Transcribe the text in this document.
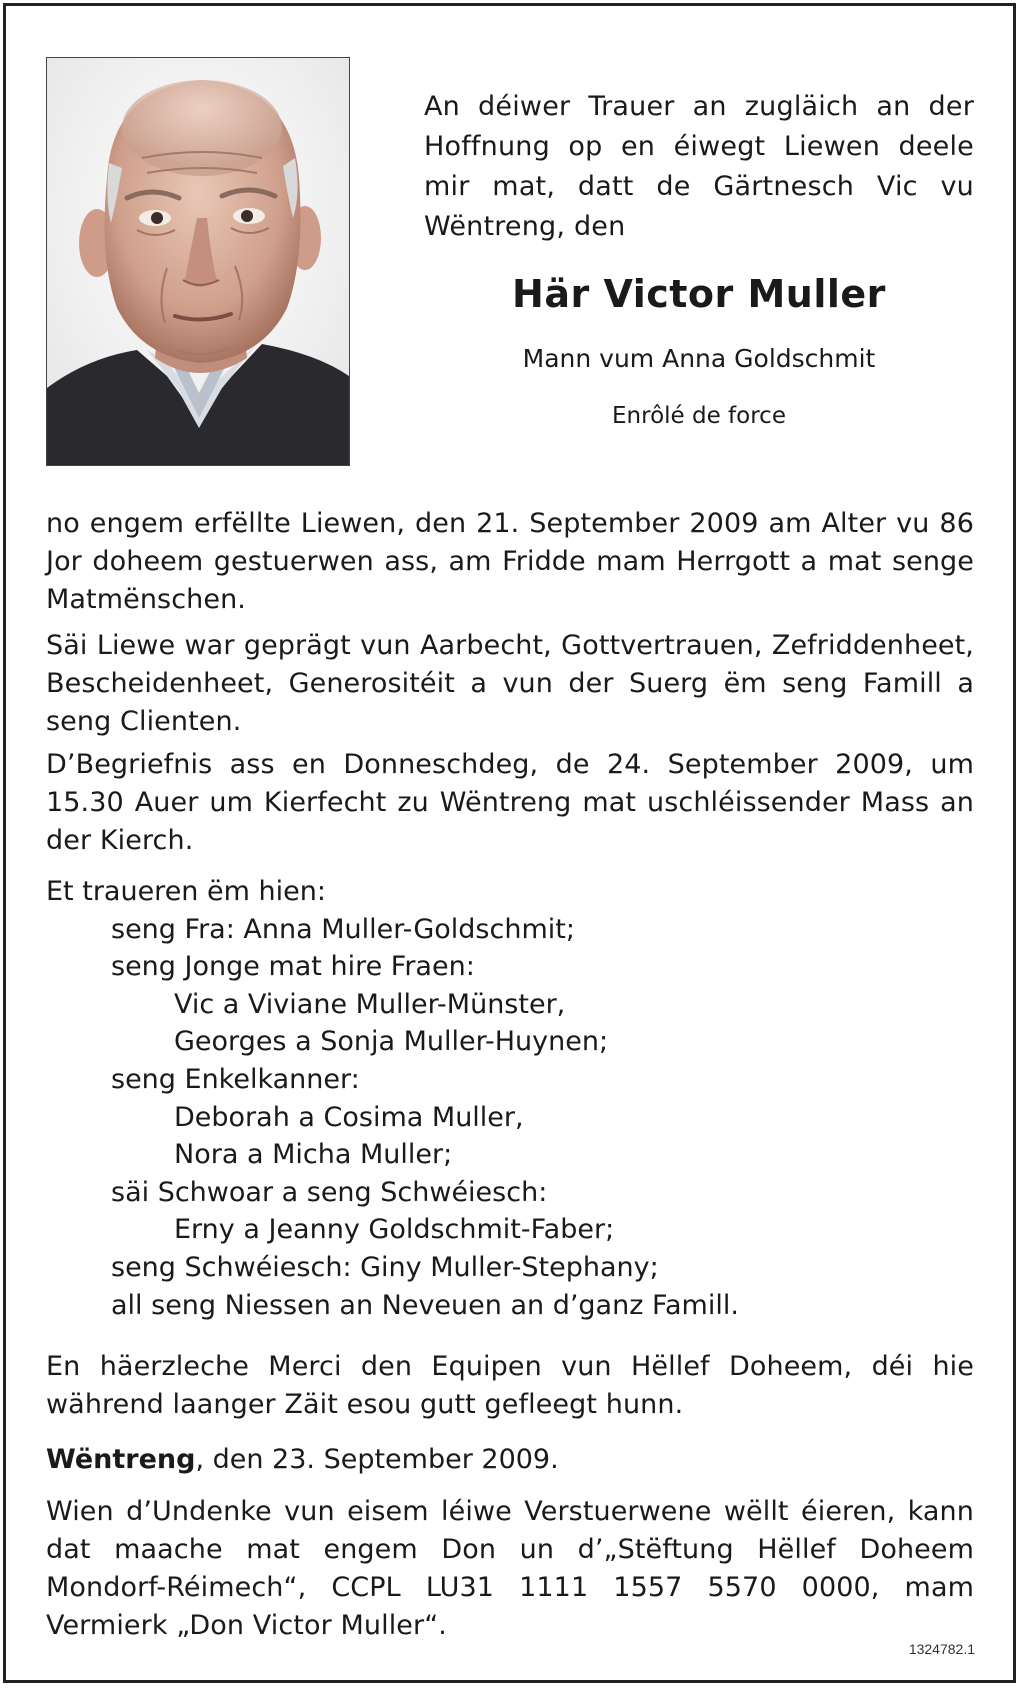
An déiwer Trauer an zugläich an der Hoffnung op en éiwegt Liewen deele mir mat, datt de Gärtnesch Vic vu Wëntreng, den
Här Victor Muller
Mann vum Anna Goldschmit
Enrôlé de force

no engem erfëllte Liewen, den 21. September 2009 am Alter vu 86 Jor doheem gestuerwen ass, am Fridde mam Herrgott a mat senge Matmënschen.

Säi Liewe war geprägt vun Aarbecht, Gottvertrauen, Zefriddenheet, Bescheidenheet, Generositéit a vun der Suerg ëm seng Famill a seng Clienten.

D’Begriefnis ass en Donneschdeg, de 24. September 2009, um 15.30 Auer um Kierfecht zu Wëntreng mat uschléissender Mass an der Kierch.

Et traueren ëm hien:

seng Fra: Anna Muller-Goldschmit;
seng Jonge mat hire Fraen:
Vic a Viviane Muller-Münster,
Georges a Sonja Muller-Huynen;
seng Enkelkanner:
Deborah a Cosima Muller,
Nora a Micha Muller;
säi Schwoar a seng Schwéiesch:
Erny a Jeanny Goldschmit-Faber;
seng Schwéiesch: Giny Muller-Stephany;
all seng Niessen an Neveuen an d’ganz Famill.

En häerzleche Merci den Equipen vun Hëllef Doheem, déi hie während laanger Zäit esou gutt gefleegt hunn.

Wëntreng, den 23. September 2009.

Wien d’Undenke vun eisem léiwe Verstuerwene wëllt éieren, kann dat maache mat engem Don un d’„Stëftung Hëllef Doheem Mondorf-Réimech“, CCPL LU31 1111 1557 5570 0000, mam Vermierk „Don Victor Muller“.

1324782.1
